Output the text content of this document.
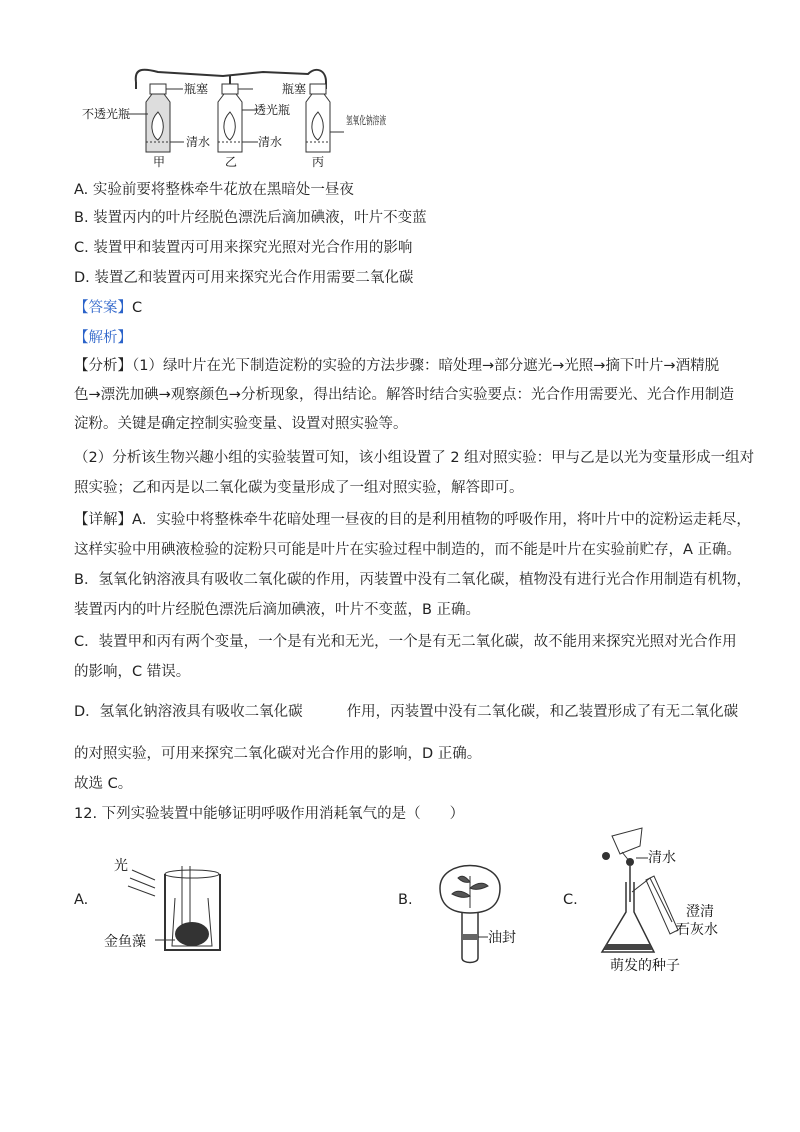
瓶塞	瓶塞
不透光瓶	透光瓶
清水	清水
氢氧化钠溶液
甲	乙	丙
A. 实验前要将整株牵牛花放在黑暗处一昼夜
B. 装置丙内的叶片经脱色漂洗后滴加碘液，叶片不变蓝
C. 装置甲和装置丙可用来探究光照对光合作用的影响
D. 装置乙和装置丙可用来探究光合作用需要二氧化碳
【答案】C
【解析】
【分析】（1）绿叶片在光下制造淀粉的实验的方法步骤：暗处理→部分遮光→光照→摘下叶片→酒精脱
色→漂洗加碘→观察颜色→分析现象，得出结论。解答时结合实验要点：光合作用需要光、光合作用制造
淀粉。关键是确定控制实验变量、设置对照实验等。
（2）分析该生物兴趣小组的实验装置可知，该小组设置了 2 组对照实验：甲与乙是以光为变量形成一组对
照实验；乙和丙是以二氧化碳为变量形成了一组对照实验，解答即可。
【详解】A．实验中将整株牵牛花暗处理一昼夜的目的是利用植物的呼吸作用，将叶片中的淀粉运走耗尽，
这样实验中用碘液检验的淀粉只可能是叶片在实验过程中制造的，而不能是叶片在实验前贮存，A 正确。
B．氢氧化钠溶液具有吸收二氧化碳的作用，丙装置中没有二氧化碳，植物没有进行光合作用制造有机物，
装置丙内的叶片经脱色漂洗后滴加碘液，叶片不变蓝，B 正确。
C．装置甲和丙有两个变量，一个是有光和无光，一个是有无二氧化碳，故不能用来探究光照对光合作用
的影响，C 错误。
D．氢氧化钠溶液具有吸收二氧化碳	作用，丙装置中没有二氧化碳，和乙装置形成了有无二氧化碳
的对照实验，可用来探究二氧化碳对光合作用的影响，D 正确。
故选 C。
12. 下列实验装置中能够证明呼吸作用消耗氧气的是（　　）
A.	B.	C.
光
金鱼藻	油封
清水
澄清
石灰水
萌发的种子
